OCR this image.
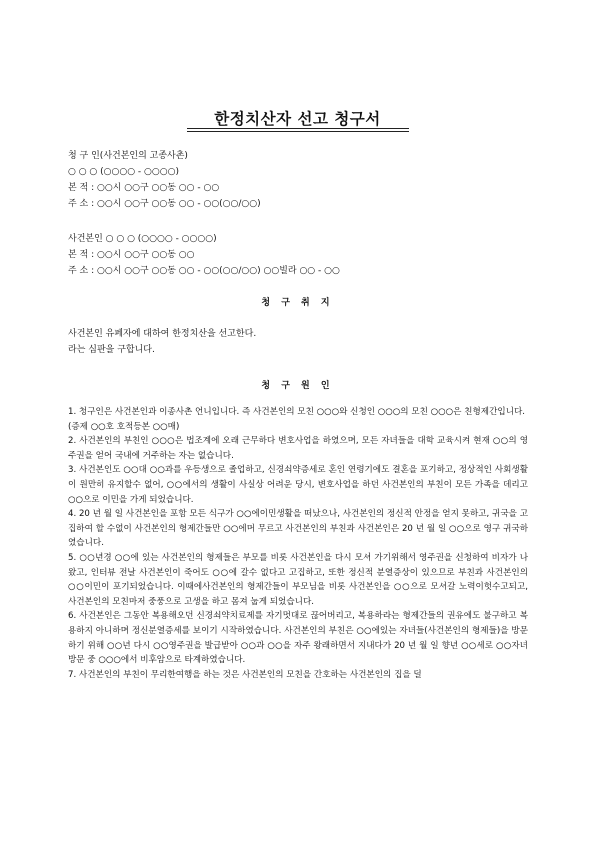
한정치산자 선고 청구서
청 구 인(사건본인의 고종사촌)
○ ○ ○ (○○○○ - ○○○○)
본 적 : ○○시 ○○구 ○○동 ○○ - ○○
주 소 : ○○시 ○○구 ○○동 ○○ - ○○(○○/○○)
사건본인 ○ ○ ○ (○○○○ - ○○○○)
본 적 : ○○시 ○○구 ○○동 ○○
주 소 : ○○시 ○○구 ○○동 ○○ - ○○(○○/○○) ○○빌라 ○○ - ○○
청 구 취 지
사건본인 유페자에 대하여 한정치산을 선고한다.
라는 심판을 구합니다.
청 구 원 인

1. 청구인은 사건본인과 이종사촌 언니입니다. 즉 사건본인의 모친 ○○○와 신청인 ○○○의 모친 ○○○은 친형제간입니다.

(증제 ○○호 호적등본 ○○매)

2. 사건본인의 부친인 ○○○은 법조계에 오래 근무하다 변호사업을 하였으며, 모든 자녀들을 대학 교육시켜 현재 ○○의 영주권을 얻어 국내에 거주하는 자는 없습니다.

3. 사건본인도 ○○대 ○○과를 우등생으로 졸업하고, 신경쇠약증세로 혼인 연령기에도 결혼을 포기하고, 정상적인 사회생활이 원만히 유지할수 없어, ○○에서의 생활이 사실상 어려운 당시, 변호사업을 하던 사건본인의 부친이 모든 가족을 데리고 ○○으로 이민을 가게 되었습니다.

4. 20 년 월 일 사건본인을 포함 모든 식구가 ○○에이민생활을 떠났으나, 사건본인의 정신적 안정을 얻지 못하고, 귀국을 고집하여 할 수없이 사건본인의 형제간들만 ○○에머 무르고 사건본인의 부친과 사건본인은 20 년 월 일 ○○으로 영구 귀국하였습니다.

5. ○○년경 ○○에 있는 사건본인의 형제들은 부모를 비롯 사건본인을 다시 모셔 가기위해서 영주권을 신청하여 비자가 나왔고, 인터뷰 전날 사건본인이 죽어도 ○○에 갈수 없다고 고집하고, 또한 정신적 분열증상이 있으므로 부친과 사건본인의 ○○이민이 포기되었습니다. 이때에사건본인의 형제간들이 부모님을 비롯 사건본인을 ○○으로 모셔갈 노력이헛수고되고, 사건본인의 모친마저 중풍으로 고생을 하고 몸져 눕게 되었습니다.

6. 사건본인은 그동안 복용해오던 신경쇠약치료제를 자기멋대로 끊어버리고, 복용하라는 형제간들의 권유에도 불구하고 복용하지 아니하며 정신분열증세를 보이기 시작하였습니다. 사건본인의 부친은 ○○에있는 자녀들(사건본인의 형제들)을 방문하기 위해 ○○년 다시 ○○영주권을 발급받아 ○○과 ○○을 자주 왕래하면서 지내다가 20 년 월 일 향년 ○○세로 ○○자녀방문 중 ○○○에서 비후암으로 타계하였습니다.

7. 사건본인의 부친이 무리한여행을 하는 것은 사건본인의 모친을 간호하는 사건본인의 집을 덜
